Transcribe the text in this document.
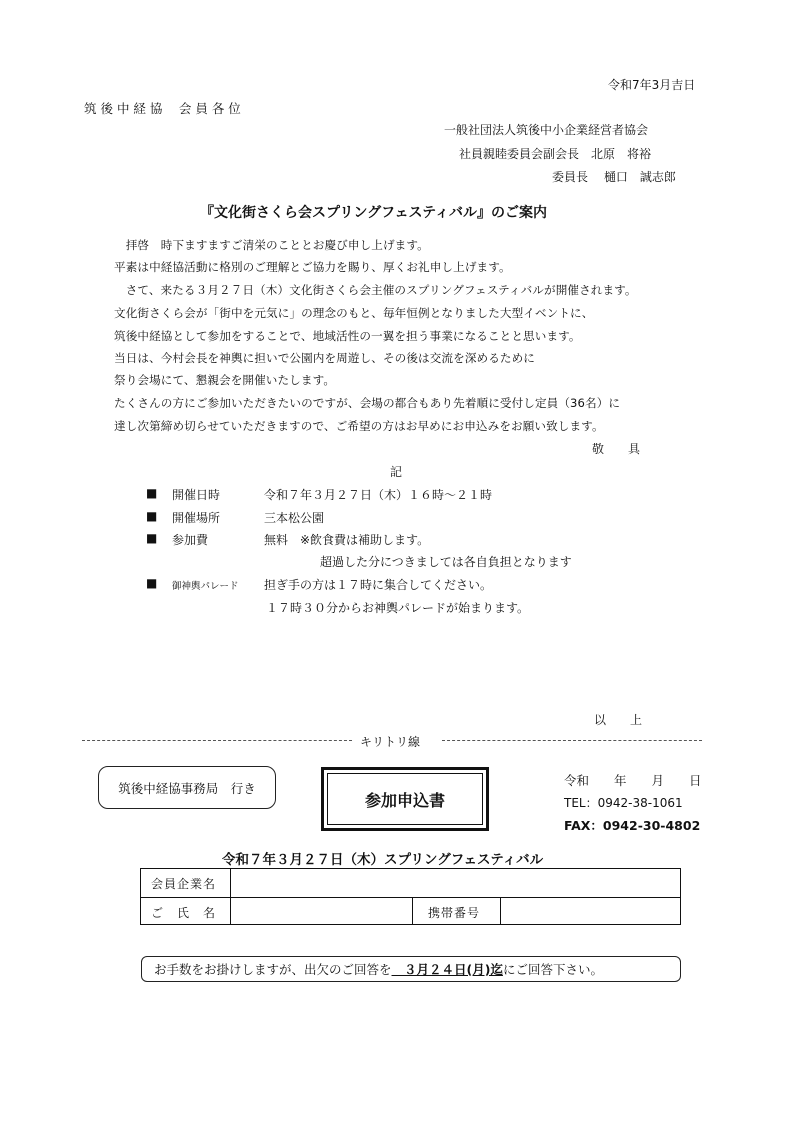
令和7年3月吉日
筑 後 中 経 協　 会 員 各 位
一般社団法人筑後中小企業経営者協会
社員親睦委員会副会長　北原　将裕
委員長　 樋口　誠志郎
『文化街さくら会スプリングフェスティバル』のご案内
　拝啓　時下ますますご清栄のこととお慶び申し上げます。
平素は中経協活動に格別のご理解とご協力を賜り、厚くお礼申し上げます。
　さて、来たる３月２７日（木）文化街さくら会主催のスプリングフェスティバルが開催されます。
文化街さくら会が「街中を元気に」の理念のもと、毎年恒例となりました大型イベントに、
筑後中経協として参加をすることで、地域活性の一翼を担う事業になることと思います。
当日は、今村会長を神輿に担いで公園内を周遊し、その後は交流を深めるために
祭り会場にて、懇親会を開催いたします。
たくさんの方にご参加いただきたいのですが、会場の都合もあり先着順に受付し定員（36名）に
達し次第締め切らせていただきますので、ご希望の方はお早めにお申込みをお願い致します。
敬　　具
記
■ 開催日時	令和７年３月２７日（木）１６時～２１時
■ 開催場所	三本松公園
■ 参加費	無料　※飲食費は補助します。
超過した分につきましては各自負担となります
■ 御神輿パレード 担ぎ手の方は１７時に集合してください。
１７時３０分からお神輿パレードが始まります。
以　　上
キリトリ線
筑後中経協事務局　行き
参加申込書
令和　　年　　月　　日
TEL：0942-38-1061
FAX：0942-30-4802
令和７年３月２７日（木）スプリングフェスティバル
会員企業名
ご　氏　名	携帯番号
お手数をお掛けしますが、出欠のご回答を 　３月２４日(月)迄 にご回答下さい。
